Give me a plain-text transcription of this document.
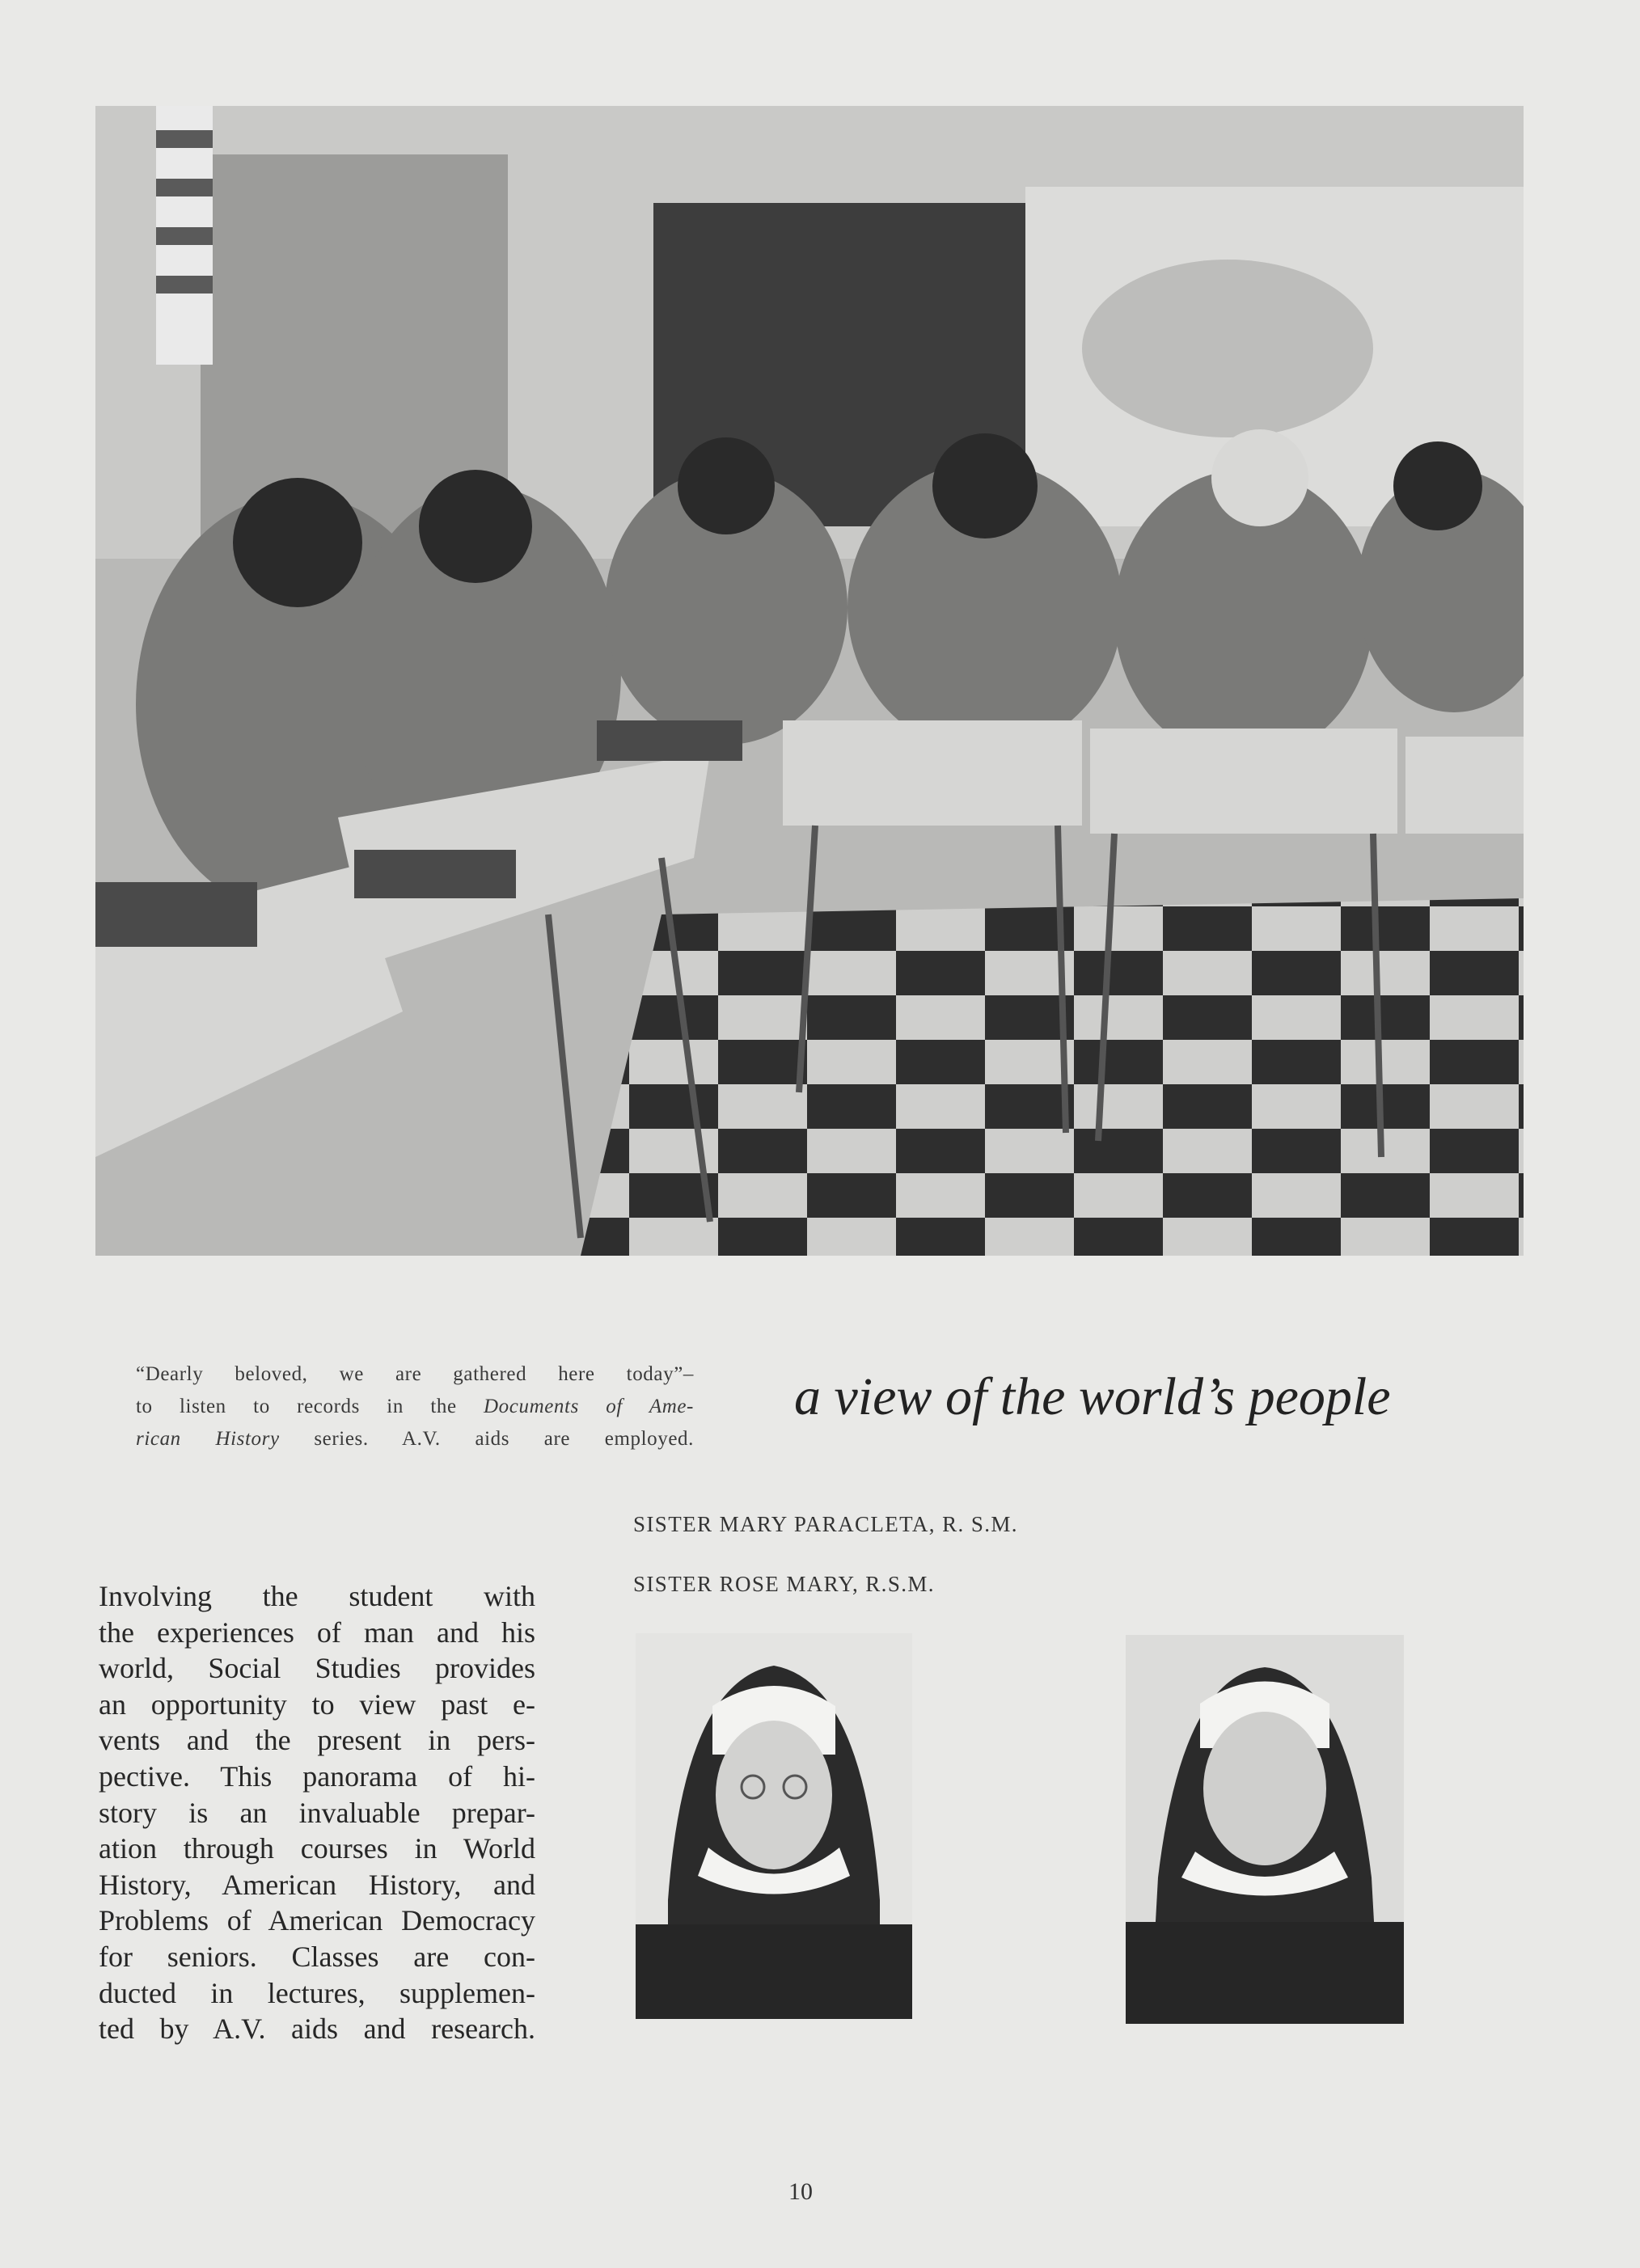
“Dearly beloved, we are gathered here today”–
to listen to records in the Documents of Ame-
rican History series. A.V. aids are employed.
a view of the world’s people
SISTER MARY PARACLETA, R. S.M.
SISTER ROSE MARY, R.S.M.
Involving the student with
the experiences of man and his
world, Social Studies provides
an opportunity to view past e-
vents and the present in pers-
pective. This panorama of hi-
story is an invaluable prepar-
ation through courses in World
History, American History, and
Problems of American Democracy
for seniors. Classes are con-
ducted in lectures, supplemen-
ted by A.V. aids and research.
10
